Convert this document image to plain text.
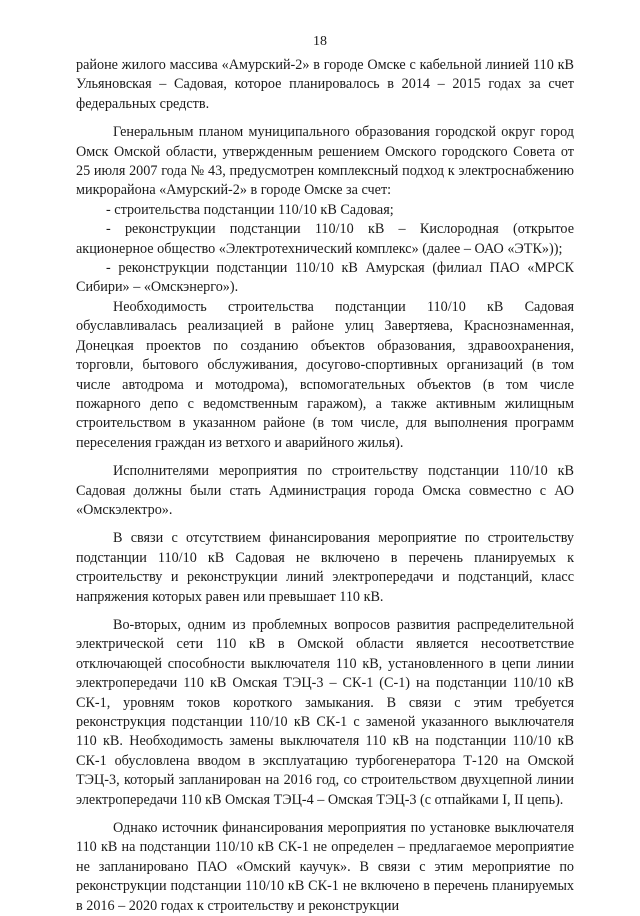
18

районе жилого массива «Амурский-2» в городе Омске с кабельной линией 110 кВ Ульяновская – Садовая, которое планировалось в 2014 – 2015 годах за счет федеральных средств.

Генеральным планом муниципального образования городской округ город Омск Омской области, утвержденным решением Омского городского Совета от 25 июля 2007 года № 43, предусмотрен комплексный подход к электроснабжению микрорайона «Амурский-2» в городе Омске за счет:

- строительства подстанции 110/10 кВ Садовая;

- реконструкции подстанции 110/10 кВ – Кислородная (открытое акционерное общество «Электротехнический комплекс» (далее – ОАО «ЭТК»));

- реконструкции подстанции 110/10 кВ Амурская (филиал ПАО «МРСК Сибири» – «Омскэнерго»).

Необходимость строительства подстанции 110/10 кВ Садовая обуславливалась реализацией в районе улиц Завертяева, Краснознаменная, Донецкая проектов по созданию объектов образования, здравоохранения, торговли, бытового обслуживания, досугово-спортивных организаций (в том числе автодрома и мотодрома), вспомогательных объектов (в том числе пожарного депо с ведомственным гаражом), а также активным жилищным строительством в указанном районе (в том числе, для выполнения программ переселения граждан из ветхого и аварийного жилья).

Исполнителями мероприятия по строительству подстанции 110/10 кВ Садовая должны были стать Администрация города Омска совместно с АО «Омскэлектро».

В связи с отсутствием финансирования мероприятие по строительству подстанции 110/10 кВ Садовая не включено в перечень планируемых к строительству и реконструкции линий электропередачи и подстанций, класс напряжения которых равен или превышает 110 кВ.

Во-вторых, одним из проблемных вопросов развития распределительной электрической сети 110 кВ в Омской области является несоответствие отключающей способности выключателя 110 кВ, установленного в цепи линии электропередачи 110 кВ Омская ТЭЦ-3 – СК-1 (С-1) на подстанции 110/10 кВ СК-1, уровням токов короткого замыкания. В связи с этим требуется реконструкция подстанции 110/10 кВ СК-1 с заменой указанного выключателя 110 кВ. Необходимость замены выключателя 110 кВ на подстанции 110/10 кВ СК-1 обусловлена вводом в эксплуатацию турбогенератора Т-120 на Омской ТЭЦ-3, который запланирован на 2016 год, со строительством двухцепной линии электропередачи 110 кВ Омская ТЭЦ-4 – Омская ТЭЦ-3 (с отпайками I, II цепь).

Однако источник финансирования мероприятия по установке выключателя 110 кВ на подстанции 110/10 кВ СК-1 не определен – предлагаемое мероприятие не запланировано ПАО «Омский каучук». В связи с этим мероприятие по реконструкции подстанции 110/10 кВ СК-1 не включено в перечень планируемых в 2016 – 2020 годах к строительству и реконструкции
